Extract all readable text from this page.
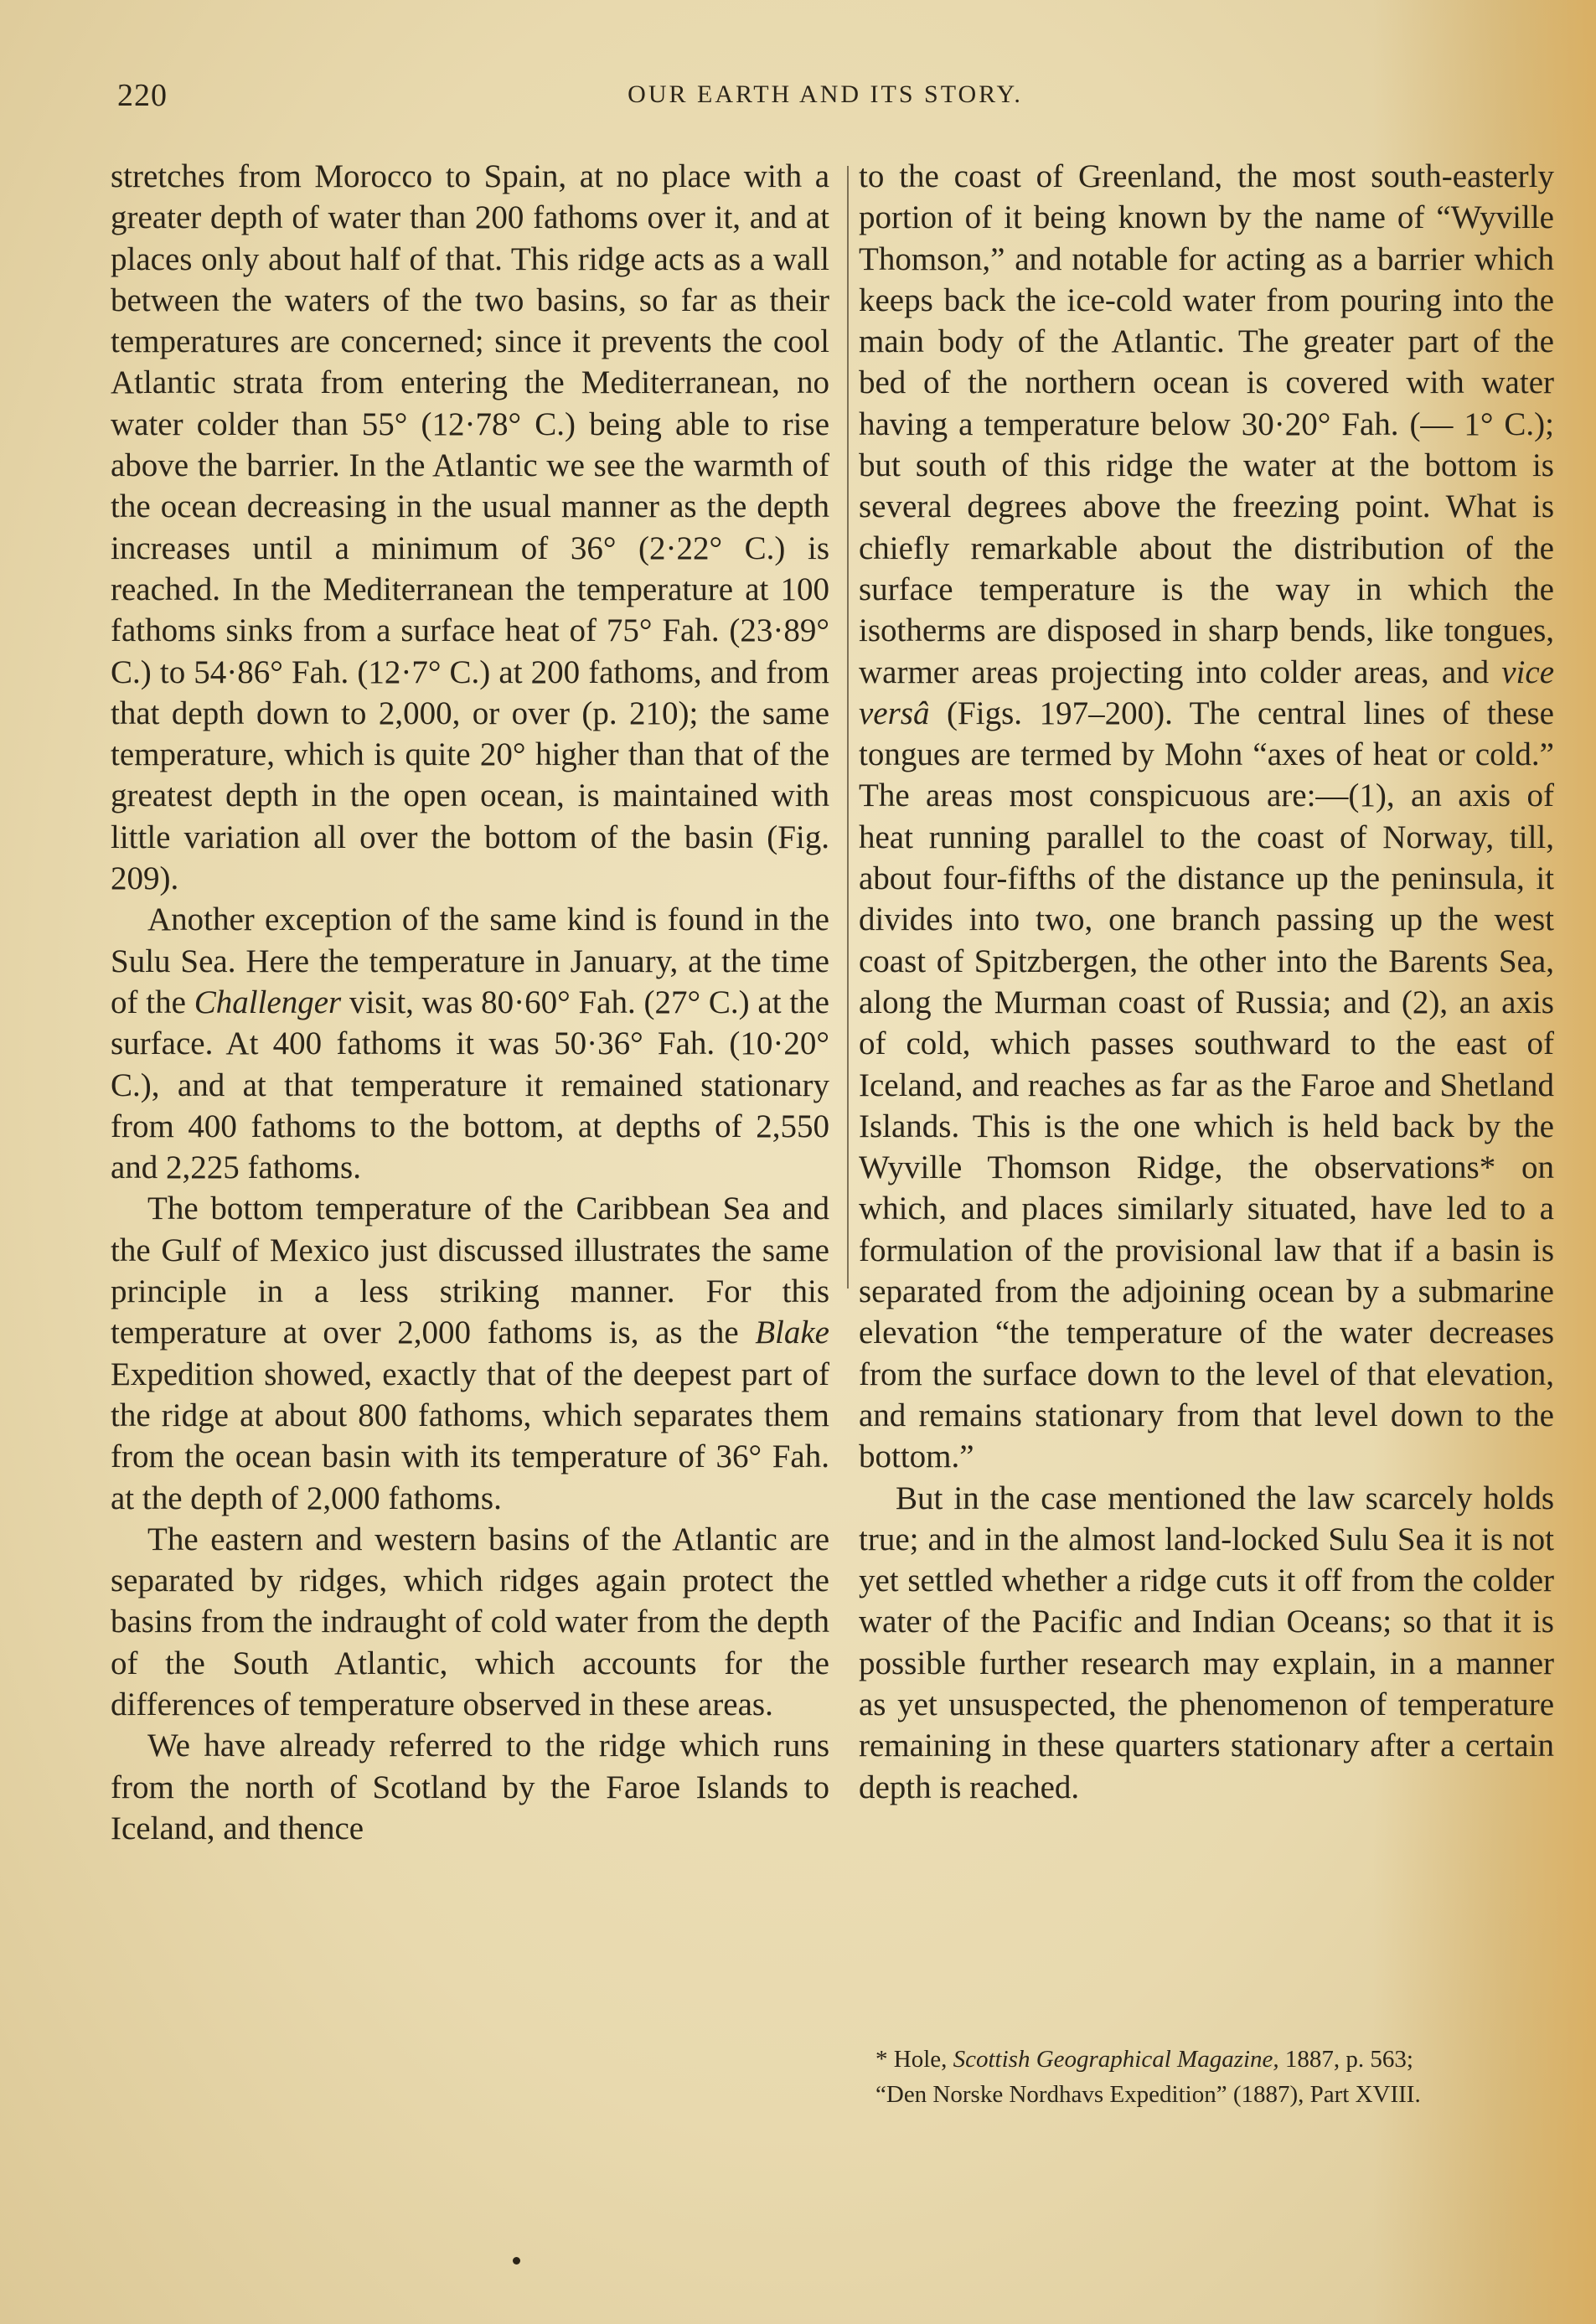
220	OUR EARTH AND ITS STORY.

stretches from Morocco to Spain, at no place with a greater depth of water than 200 fathoms over it, and at places only about half of that. This ridge acts as a wall between the waters of the two basins, so far as their temperatures are concerned; since it prevents the cool Atlantic strata from entering the Mediterranean, no water colder than 55° (12·78° C.) being able to rise above the barrier. In the Atlantic we see the warmth of the ocean decreasing in the usual manner as the depth increases until a minimum of 36° (2·22° C.) is reached. In the Mediterranean the temperature at 100 fathoms sinks from a surface heat of 75° Fah. (23·89° C.) to 54·86° Fah. (12·7° C.) at 200 fathoms, and from that depth down to 2,000, or over (p. 210); the same temperature, which is quite 20° higher than that of the greatest depth in the open ocean, is maintained with little variation all over the bottom of the basin (Fig. 209).

Another exception of the same kind is found in the Sulu Sea. Here the temperature in January, at the time of the Challenger visit, was 80·60° Fah. (27° C.) at the surface. At 400 fathoms it was 50·36° Fah. (10·20° C.), and at that temperature it remained stationary from 400 fathoms to the bottom, at depths of 2,550 and 2,225 fathoms.

The bottom temperature of the Caribbean Sea and the Gulf of Mexico just discussed illustrates the same principle in a less striking manner. For this temperature at over 2,000 fathoms is, as the Blake Expedition showed, exactly that of the deepest part of the ridge at about 800 fathoms, which separates them from the ocean basin with its temperature of 36° Fah. at the depth of 2,000 fathoms.

The eastern and western basins of the Atlantic are separated by ridges, which ridges again protect the basins from the indraught of cold water from the depth of the South Atlantic, which accounts for the differences of temperature observed in these areas.

We have already referred to the ridge which runs from the north of Scotland by the Faroe Islands to Iceland, and thence

to the coast of Greenland, the most south-easterly portion of it being known by the name of “Wyville Thomson,” and notable for acting as a barrier which keeps back the ice-cold water from pouring into the main body of the Atlantic. The greater part of the bed of the northern ocean is covered with water having a temperature below 30·20° Fah. (— 1° C.); but south of this ridge the water at the bottom is several degrees above the freezing point. What is chiefly remarkable about the distribution of the surface temperature is the way in which the isotherms are disposed in sharp bends, like tongues, warmer areas projecting into colder areas, and vice versâ (Figs. 197–200). The central lines of these tongues are termed by Mohn “axes of heat or cold.” The areas most conspicuous are:—(1), an axis of heat running parallel to the coast of Norway, till, about four-fifths of the distance up the peninsula, it divides into two, one branch passing up the west coast of Spitzbergen, the other into the Barents Sea, along the Murman coast of Russia; and (2), an axis of cold, which passes southward to the east of Iceland, and reaches as far as the Faroe and Shetland Islands. This is the one which is held back by the Wyville Thomson Ridge, the observations* on which, and places similarly situated, have led to a formulation of the provisional law that if a basin is separated from the adjoining ocean by a submarine elevation “the temperature of the water decreases from the surface down to the level of that elevation, and remains stationary from that level down to the bottom.”

But in the case mentioned the law scarcely holds true; and in the almost land-locked Sulu Sea it is not yet settled whether a ridge cuts it off from the colder water of the Pacific and Indian Oceans; so that it is possible further research may explain, in a manner as yet unsuspected, the phenomenon of temperature remaining in these quarters stationary after a certain depth is reached.

* Hole, Scottish Geographical Magazine, 1887, p. 563;

“Den Norske Nordhavs Expedition” (1887), Part XVIII.
